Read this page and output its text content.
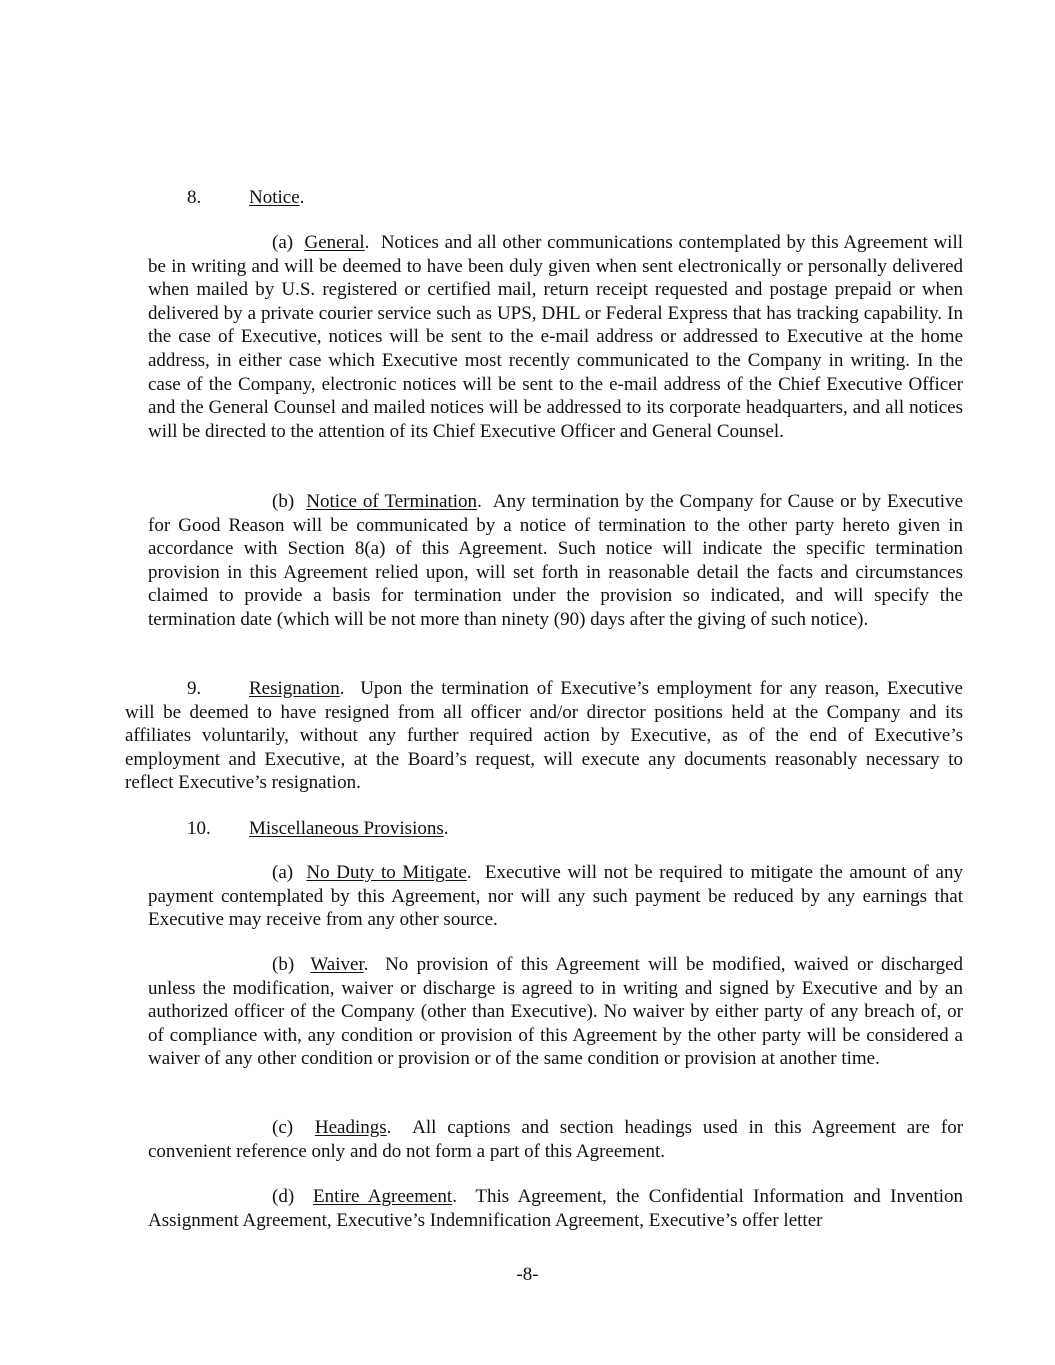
8.	Notice.

(a) General.  Notices and all other communications contemplated by this Agreement will be in writing and will be deemed to have been duly given when sent electronically or personally delivered when mailed by U.S. registered or certified mail, return receipt requested and postage prepaid or when delivered by a private courier service such as UPS, DHL or Federal Express that has tracking capability. In the case of Executive, notices will be sent to the e-mail address or addressed to Executive at the home address, in either case which Executive most recently communicated to the Company in writing. In the case of the Company, electronic notices will be sent to the e-mail address of the Chief Executive Officer and the General Counsel and mailed notices will be addressed to its corporate headquarters, and all notices will be directed to the attention of its Chief Executive Officer and General Counsel.

(b) Notice of Termination.  Any termination by the Company for Cause or by Executive for Good Reason will be communicated by a notice of termination to the other party hereto given in accordance with Section 8(a) of this Agreement. Such notice will indicate the specific termination provision in this Agreement relied upon, will set forth in reasonable detail the facts and circumstances claimed to provide a basis for termination under the provision so indicated, and will specify the termination date (which will be not more than ninety (90) days after the giving of such notice).

9.	Resignation.  Upon the termination of Executive’s employment for any reason, Executive will be deemed to have resigned from all officer and/or director positions held at the Company and its affiliates voluntarily, without any further required action by Executive, as of the end of Executive’s employment and Executive, at the Board’s request, will execute any documents reasonably necessary to reflect Executive’s resignation.

10. Miscellaneous Provisions.

(a) No Duty to Mitigate.  Executive will not be required to mitigate the amount of any payment contemplated by this Agreement, nor will any such payment be reduced by any earnings that Executive may receive from any other source.

(b) Waiver.  No provision of this Agreement will be modified, waived or discharged unless the modification, waiver or discharge is agreed to in writing and signed by Executive and by an authorized officer of the Company (other than Executive). No waiver by either party of any breach of, or of compliance with, any condition or provision of this Agreement by the other party will be considered a waiver of any other condition or provision or of the same condition or provision at another time.

(c) Headings.  All captions and section headings used in this Agreement are for convenient reference only and do not form a part of this Agreement.

(d) Entire Agreement.  This Agreement, the Confidential Information and Invention Assignment Agreement, Executive’s Indemnification Agreement, Executive’s offer letter

-8-
